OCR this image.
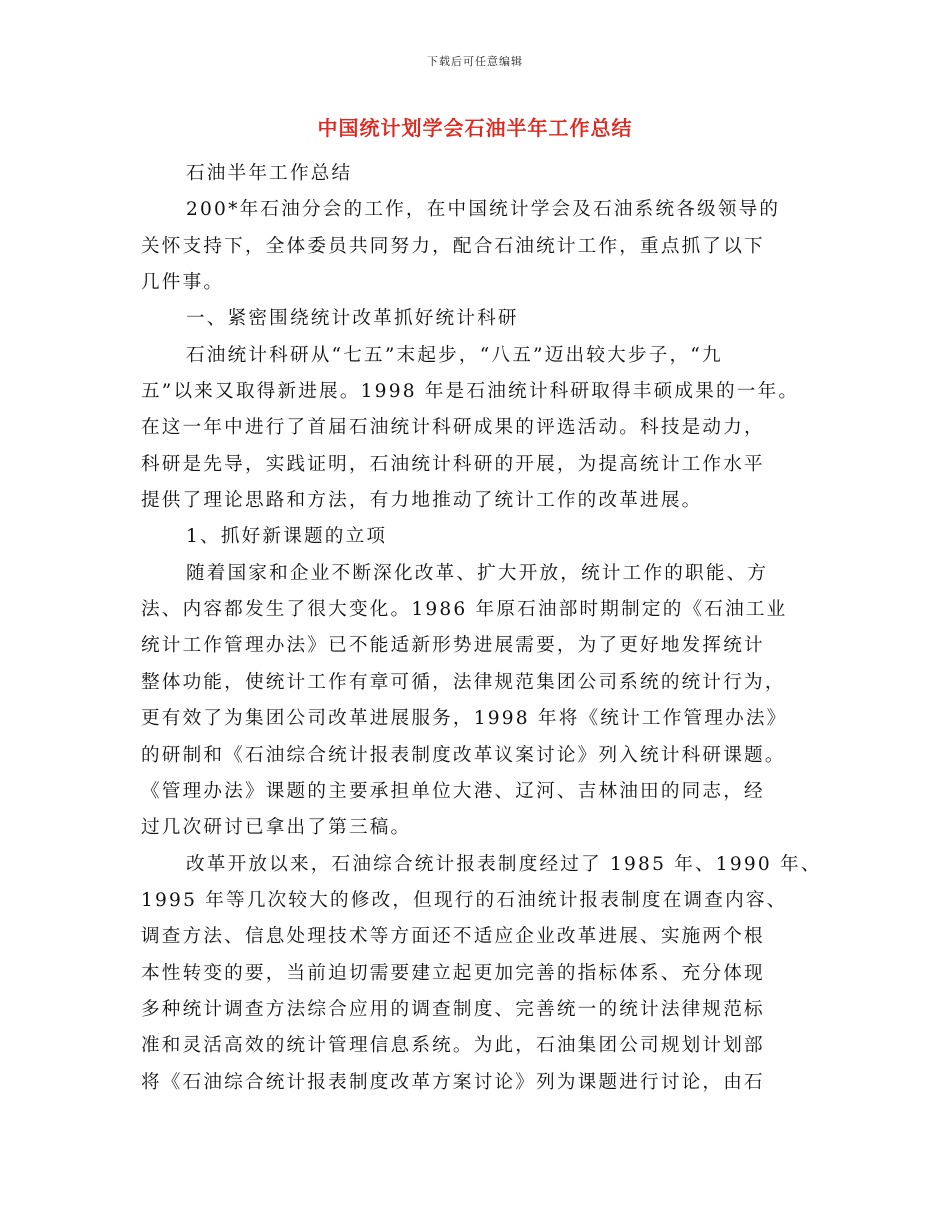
下载后可任意编辑
中国统计划学会石油半年工作总结
石油半年工作总结
200*年石油分会的工作，在中国统计学会及石油系统各级领导的
关怀支持下，全体委员共同努力，配合石油统计工作，重点抓了以下
几件事。
一、紧密围绕统计改革抓好统计科研
石油统计科研从“七五”末起步，“八五”迈出较大步子，“九
五”以来又取得新进展。1998 年是石油统计科研取得丰硕成果的一年。
在这一年中进行了首届石油统计科研成果的评选活动。科技是动力，
科研是先导，实践证明，石油统计科研的开展，为提高统计工作水平
提供了理论思路和方法，有力地推动了统计工作的改革进展。
1、抓好新课题的立项
随着国家和企业不断深化改革、扩大开放，统计工作的职能、方
法、内容都发生了很大变化。1986 年原石油部时期制定的《石油工业
统计工作管理办法》已不能适新形势进展需要，为了更好地发挥统计
整体功能，使统计工作有章可循，法律规范集团公司系统的统计行为，
更有效了为集团公司改革进展服务，1998 年将《统计工作管理办法》
的研制和《石油综合统计报表制度改革议案讨论》列入统计科研课题。
《管理办法》课题的主要承担单位大港、辽河、吉林油田的同志，经
过几次研讨已拿出了第三稿。
改革开放以来，石油综合统计报表制度经过了 1985 年、1990 年、
1995 年等几次较大的修改，但现行的石油统计报表制度在调查内容、
调查方法、信息处理技术等方面还不适应企业改革进展、实施两个根
本性转变的要，当前迫切需要建立起更加完善的指标体系、充分体现
多种统计调查方法综合应用的调查制度、完善统一的统计法律规范标
准和灵活高效的统计管理信息系统。为此，石油集团公司规划计划部
将《石油综合统计报表制度改革方案讨论》列为课题进行讨论，由石
